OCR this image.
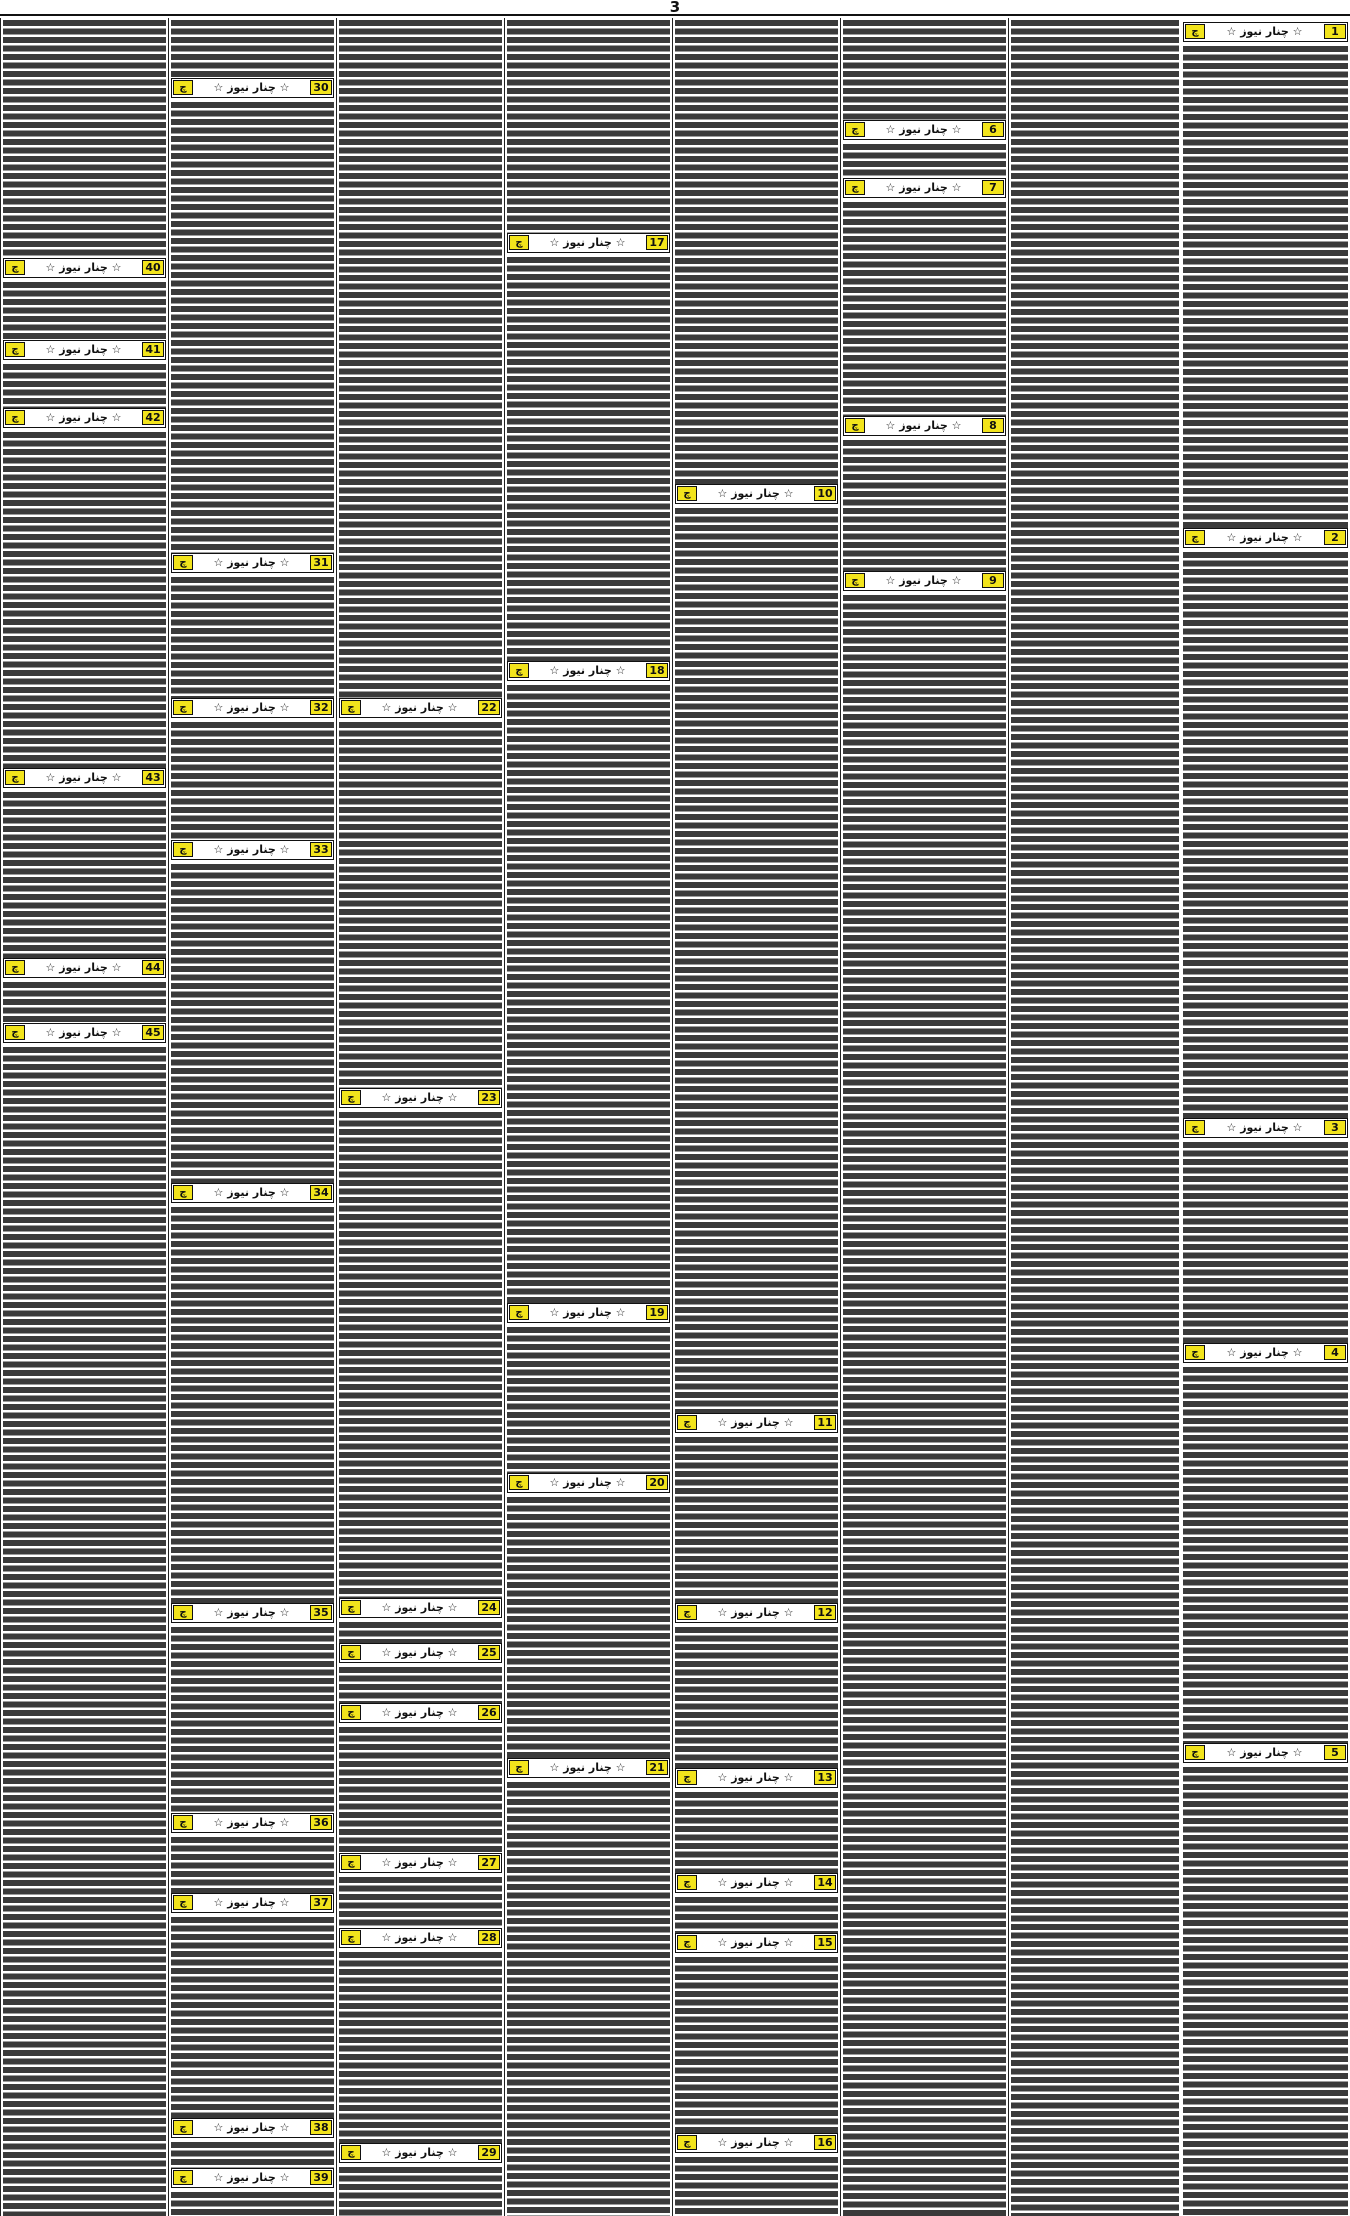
3
1
☆ چنار نیوز ☆
چ
2
☆ چنار نیوز ☆
چ
3
☆ چنار نیوز ☆
چ
4
☆ چنار نیوز ☆
چ
5
☆ چنار نیوز ☆
چ
6
☆ چنار نیوز ☆
چ
7
☆ چنار نیوز ☆
چ
8
☆ چنار نیوز ☆
چ
9
☆ چنار نیوز ☆
چ
10
☆ چنار نیوز ☆
چ
11
☆ چنار نیوز ☆
چ
12
☆ چنار نیوز ☆
چ
13
☆ چنار نیوز ☆
چ
14
☆ چنار نیوز ☆
چ
15
☆ چنار نیوز ☆
چ
16
☆ چنار نیوز ☆
چ
17
☆ چنار نیوز ☆
چ
18
☆ چنار نیوز ☆
چ
19
☆ چنار نیوز ☆
چ
20
☆ چنار نیوز ☆
چ
21
☆ چنار نیوز ☆
چ
22
☆ چنار نیوز ☆
چ
23
☆ چنار نیوز ☆
چ
24
☆ چنار نیوز ☆
چ
25
☆ چنار نیوز ☆
چ
26
☆ چنار نیوز ☆
چ
27
☆ چنار نیوز ☆
چ
28
☆ چنار نیوز ☆
چ
29
☆ چنار نیوز ☆
چ
30
☆ چنار نیوز ☆
چ
31
☆ چنار نیوز ☆
چ
32
☆ چنار نیوز ☆
چ
33
☆ چنار نیوز ☆
چ
34
☆ چنار نیوز ☆
چ
35
☆ چنار نیوز ☆
چ
36
☆ چنار نیوز ☆
چ
37
☆ چنار نیوز ☆
چ
38
☆ چنار نیوز ☆
چ
39
☆ چنار نیوز ☆
چ
40
☆ چنار نیوز ☆
چ
41
☆ چنار نیوز ☆
چ
42
☆ چنار نیوز ☆
چ
43
☆ چنار نیوز ☆
چ
44
☆ چنار نیوز ☆
چ
45
☆ چنار نیوز ☆
چ
